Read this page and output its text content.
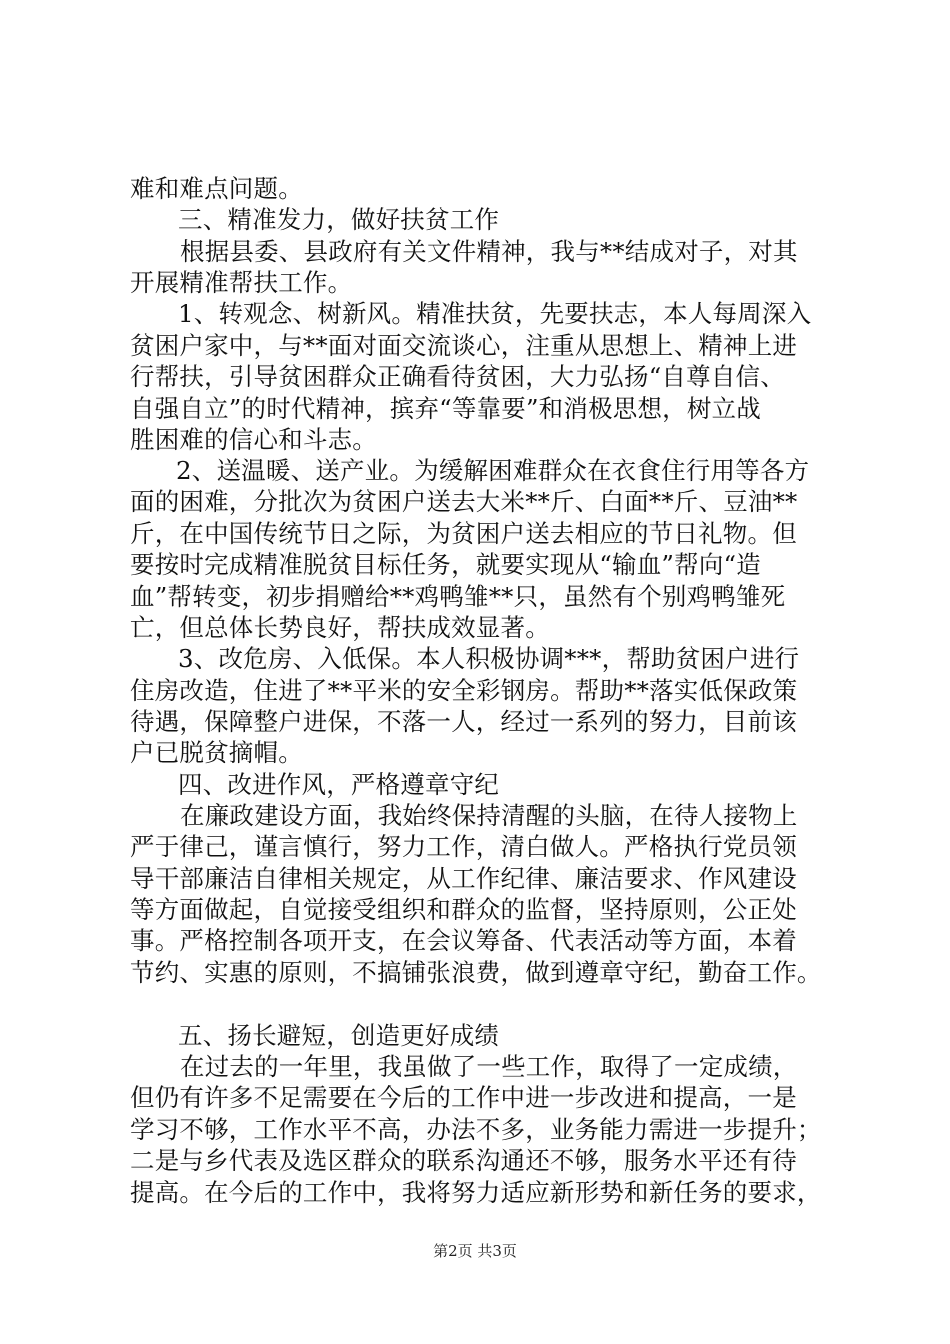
难和难点问题。
三、精准发力，做好扶贫工作
根据县委、县政府有关文件精神，我与**结成对子，对其
开展精准帮扶工作。
1、转观念、树新风。精准扶贫，先要扶志，本人每周深入
贫困户家中，与**面对面交流谈心，注重从思想上、精神上进
行帮扶，引导贫困群众正确看待贫困，大力弘扬“自尊自信、
自强自立”的时代精神，摈弃“等靠要”和消极思想，树立战
胜困难的信心和斗志。
2、送温暖、送产业。为缓解困难群众在衣食住行用等各方
面的困难，分批次为贫困户送去大米**斤、白面**斤、豆油**
斤，在中国传统节日之际，为贫困户送去相应的节日礼物。但
要按时完成精准脱贫目标任务，就要实现从“输血”帮向“造
血”帮转变，初步捐赠给**鸡鸭雏**只，虽然有个别鸡鸭雏死
亡，但总体长势良好，帮扶成效显著。
3、改危房、入低保。本人积极协调***，帮助贫困户进行
住房改造，住进了**平米的安全彩钢房。帮助**落实低保政策
待遇，保障整户进保，不落一人，经过一系列的努力，目前该
户已脱贫摘帽。
四、改进作风，严格遵章守纪
在廉政建设方面，我始终保持清醒的头脑，在待人接物上
严于律己，谨言慎行，努力工作，清白做人。严格执行党员领
导干部廉洁自律相关规定，从工作纪律、廉洁要求、作风建设
等方面做起，自觉接受组织和群众的监督，坚持原则，公正处
事。严格控制各项开支，在会议筹备、代表活动等方面，本着
节约、实惠的原则，不搞铺张浪费，做到遵章守纪，勤奋工作。
五、扬长避短，创造更好成绩
在过去的一年里，我虽做了一些工作，取得了一定成绩，
但仍有许多不足需要在今后的工作中进一步改进和提高，一是
学习不够，工作水平不高，办法不多，业务能力需进一步提升；
二是与乡代表及选区群众的联系沟通还不够，服务水平还有待
提高。在今后的工作中，我将努力适应新形势和新任务的要求，
第2页 共3页
